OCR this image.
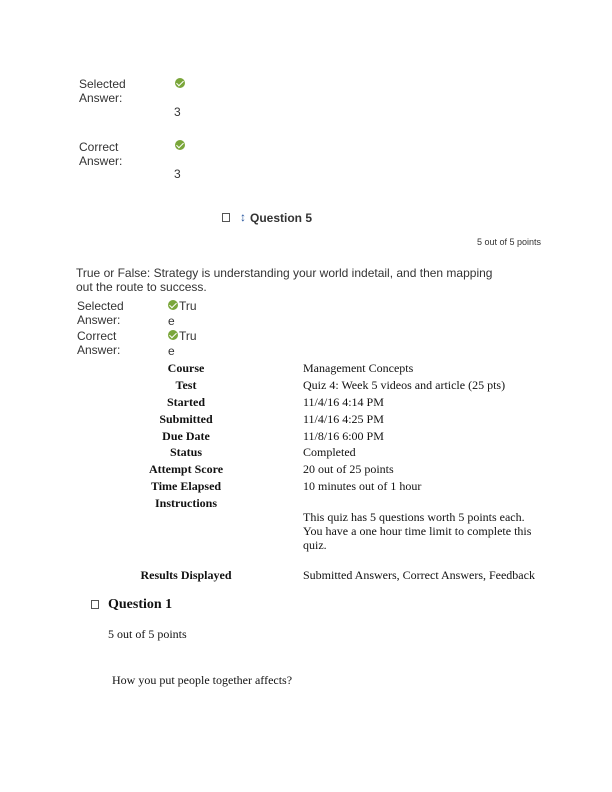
Selected
Answer:
3
Correct
Answer:
3
↕ Question 5
5 out of 5 points
True or False: Strategy is understanding your world indetail, and then mapping
out the route to success.
Selected
Answer:
Tru
e
Correct
Answer:
Tru
e
Course	Management Concepts
Test	Quiz 4: Week 5 videos and article (25 pts)
Started	11/4/16 4:14 PM
Submitted	11/4/16 4:25 PM
Due Date	11/8/16 6:00 PM
Status	Completed
Attempt Score	20 out of 25 points
Time Elapsed	10 minutes out of 1 hour
Instructions
This quiz has 5 questions worth 5 points each.
You have a one hour time limit to complete this
quiz.
Results Displayed	Submitted Answers, Correct Answers, Feedback
Question 1
5 out of 5 points
How you put people together affects?
